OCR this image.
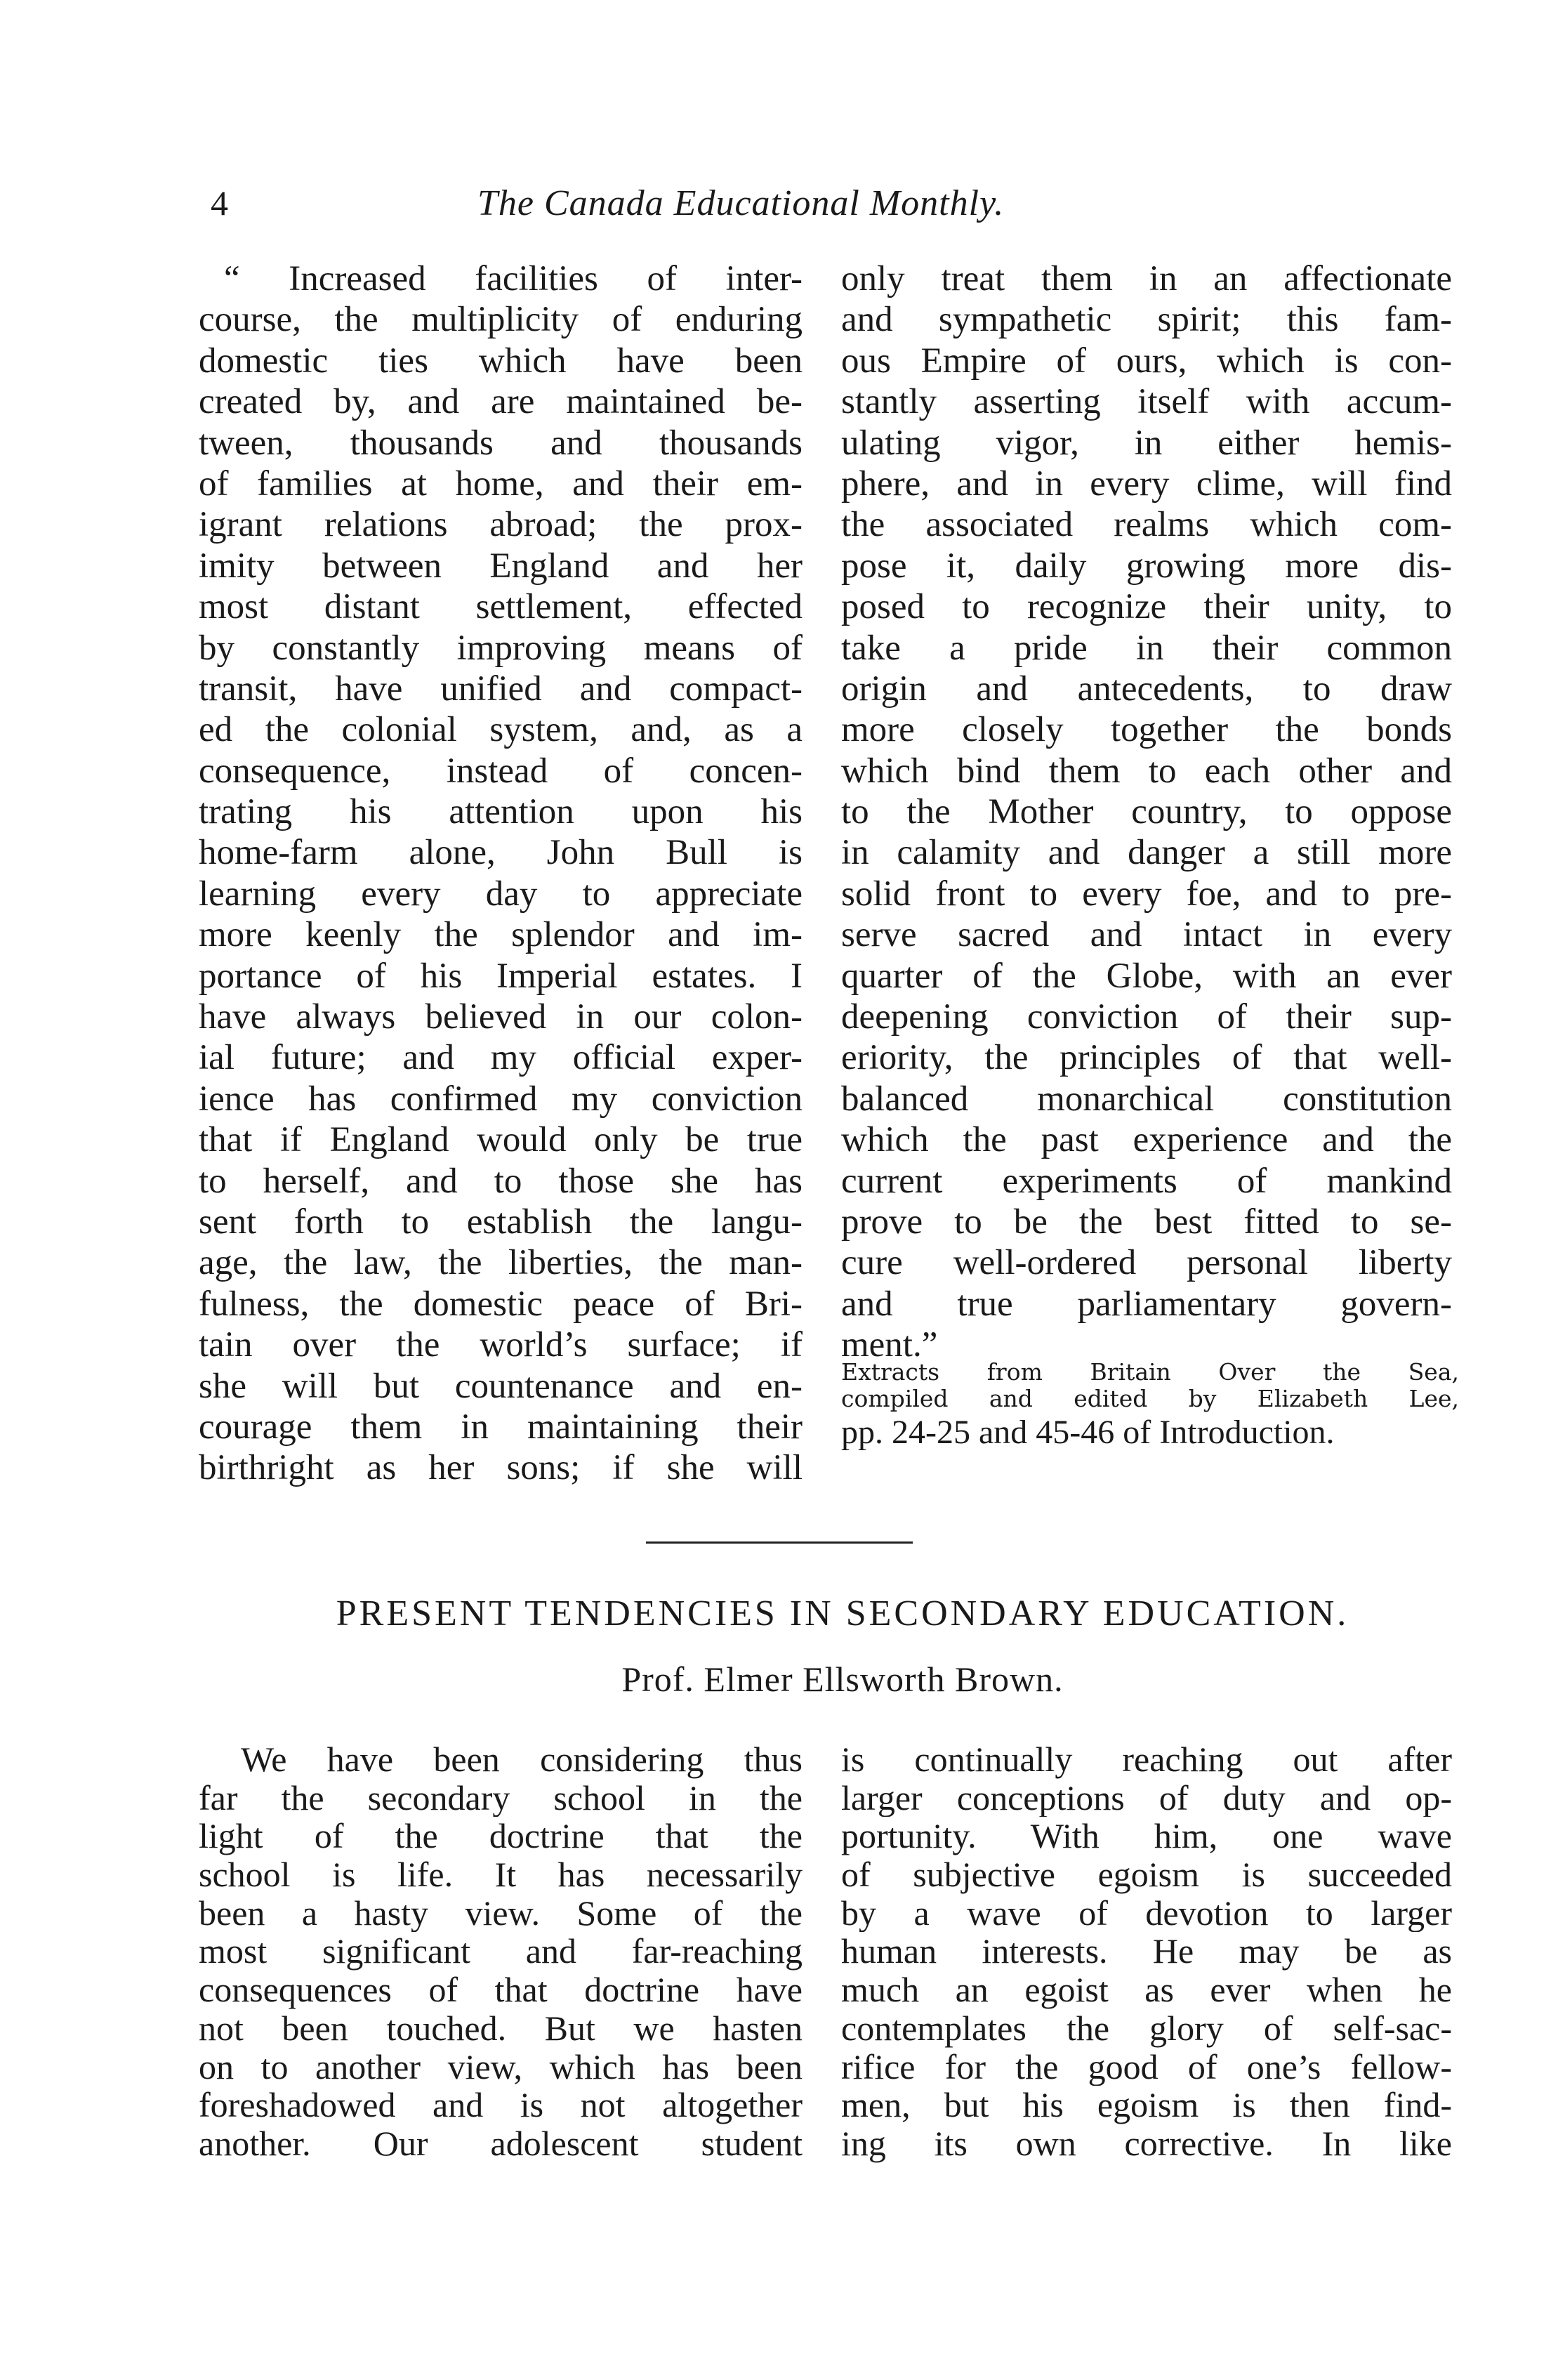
4	The Canada Educational Monthly.
“ Increased facilities of inter-
course, the multiplicity of enduring
domestic ties which have been
created by, and are maintained be-
tween, thousands and thousands
of families at home, and their em-
igrant relations abroad; the prox-
imity between England and her
most distant settlement, effected
by constantly improving means of
transit, have unified and compact-
ed the colonial system, and, as a
consequence, instead of concen-
trating his attention upon his
home-farm alone, John Bull is
learning every day to appreciate
more keenly the splendor and im-
portance of his Imperial estates. I
have always believed in our colon-
ial future; and my official exper-
ience has confirmed my conviction
that if England would only be true
to herself, and to those she has
sent forth to establish the langu-
age, the law, the liberties, the man-
fulness, the domestic peace of Bri-
tain over the world’s surface; if
she will but countenance and en-
courage them in maintaining their
birthright as her sons; if she will
only treat them in an affectionate
and sympathetic spirit; this fam-
ous Empire of ours, which is con-
stantly asserting itself with accum-
ulating vigor, in either hemis-
phere, and in every clime, will find
the associated realms which com-
pose it, daily growing more dis-
posed to recognize their unity, to
take a pride in their common
origin and antecedents, to draw
more closely together the bonds
which bind them to each other and
to the Mother country, to oppose
in calamity and danger a still more
solid front to every foe, and to pre-
serve sacred and intact in every
quarter of the Globe, with an ever
deepening conviction of their sup-
eriority, the principles of that well-
balanced monarchical constitution
which the past experience and the
current experiments of mankind
prove to be the best fitted to se-
cure well-ordered personal liberty
and true parliamentary govern-
ment.”
Extracts from Britain Over the Sea,
compiled and edited by Elizabeth Lee,
pp. 24-25 and 45-46 of Introduction.
PRESENT TENDENCIES IN SECONDARY EDUCATION.
Prof. Elmer Ellsworth Brown.
We have been considering thus
far the secondary school in the
light of the doctrine that the
school is life. It has necessarily
been a hasty view. Some of the
most significant and far-reaching
consequences of that doctrine have
not been touched. But we hasten
on to another view, which has been
foreshadowed and is not altogether
another. Our adolescent student
is continually reaching out after
larger conceptions of duty and op-
portunity. With him, one wave
of subjective egoism is succeeded
by a wave of devotion to larger
human interests. He may be as
much an egoist as ever when he
contemplates the glory of self-sac-
rifice for the good of one’s fellow-
men, but his egoism is then find-
ing its own corrective. In like
